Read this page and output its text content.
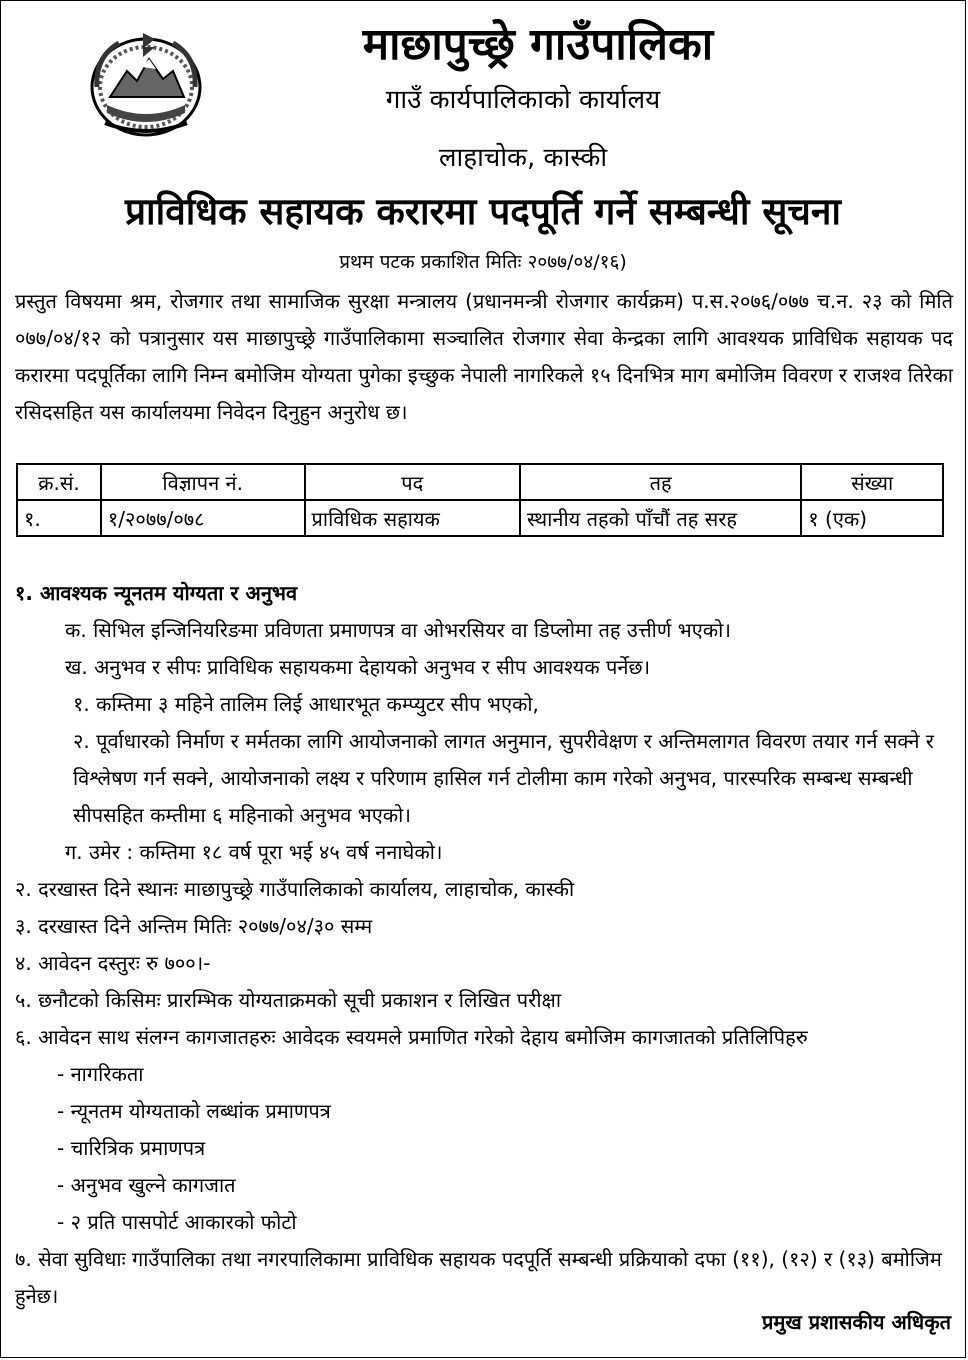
माछापुच्छ्रे गाउँपालिका
गाउँ कार्यपालिकाको कार्यालय
लाहाचोक, कास्की
प्राविधिक सहायक करारमा पदपूर्ति गर्ने सम्बन्धी सूचना
प्रथम पटक प्रकाशित मितिः २०७७/०४/१६)
प्रस्तुत विषयमा श्रम, रोजगार तथा सामाजिक सुरक्षा मन्त्रालय (प्रधानमन्त्री रोजगार कार्यक्रम) प.स.२०७६/०७७ च.न. २३ को मिति ०७७/०४/१२ को पत्रानुसार यस माछापुच्छ्रे गाउँपालिकामा सञ्चालित रोजगार सेवा केन्द्रका लागि आवश्यक प्राविधिक सहायक पद करारमा पदपूर्तिका लागि निम्न बमोजिम योग्यता पुगेका इच्छुक नेपाली नागरिकले १५ दिनभित्र माग बमोजिम विवरण र राजश्व तिरेका रसिदसहित यस कार्यालयमा निवेदन दिनुहुन अनुरोध छ।
क्र.सं.	विज्ञापन नं.	पद	तह	संख्या
१.	१/२०७७/०७८	प्राविधिक सहायक	स्थानीय तहको पाँचौं तह सरह	१ (एक)

१. आवश्यक न्यूनतम योग्यता र अनुभव

क. सिभिल इन्जिनियरिङमा प्रविणता प्रमाणपत्र वा ओभरसियर वा डिप्लोमा तह उत्तीर्ण भएको।

ख. अनुभव र सीपः प्राविधिक सहायकमा देहायको अनुभव र सीप आवश्यक पर्नेछ।

१. कम्तिमा ३ महिने तालिम लिई आधारभूत कम्प्युटर सीप भएको,

२. पूर्वाधारको निर्माण र मर्मतका लागि आयोजनाको लागत अनुमान, सुपरीवेक्षण र अन्तिमलागत विवरण तयार गर्न सक्ने र विश्लेषण गर्न सक्ने, आयोजनाको लक्ष्य र परिणाम हासिल गर्न टोलीमा काम गरेको अनुभव, पारस्परिक सम्बन्ध सम्बन्धी सीपसहित कम्तीमा ६ महिनाको अनुभव भएको।

ग. उमेर : कम्तिमा १८ वर्ष पूरा भई ४५ वर्ष ननाघेको।

२. दरखास्त दिने स्थानः माछापुच्छ्रे गाउँपालिकाको कार्यालय, लाहाचोक, कास्की

३. दरखास्त दिने अन्तिम मितिः २०७७/०४/३० सम्म

४. आवेदन दस्तुरः रु ७००।-

५. छनौटको किसिमः प्रारम्भिक योग्यताक्रमको सूची प्रकाशन र लिखित परीक्षा

६. आवेदन साथ संलग्न कागजातहरुः आवेदक स्वयमले प्रमाणित गरेको देहाय बमोजिम कागजातको प्रतिलिपिहरु

- नागरिकता

- न्यूनतम योग्यताको लब्धांक प्रमाणपत्र

- चारित्रिक प्रमाणपत्र

- अनुभव खुल्ने कागजात

- २ प्रति पासपोर्ट आकारको फोटो

७. सेवा सुविधाः गाउँपालिका तथा नगरपालिकामा प्राविधिक सहायक पदपूर्ति सम्बन्धी प्रक्रियाको दफा (११), (१२) र (१३) बमोजिम हुनेछ।

प्रमुख प्रशासकीय अधिकृत
